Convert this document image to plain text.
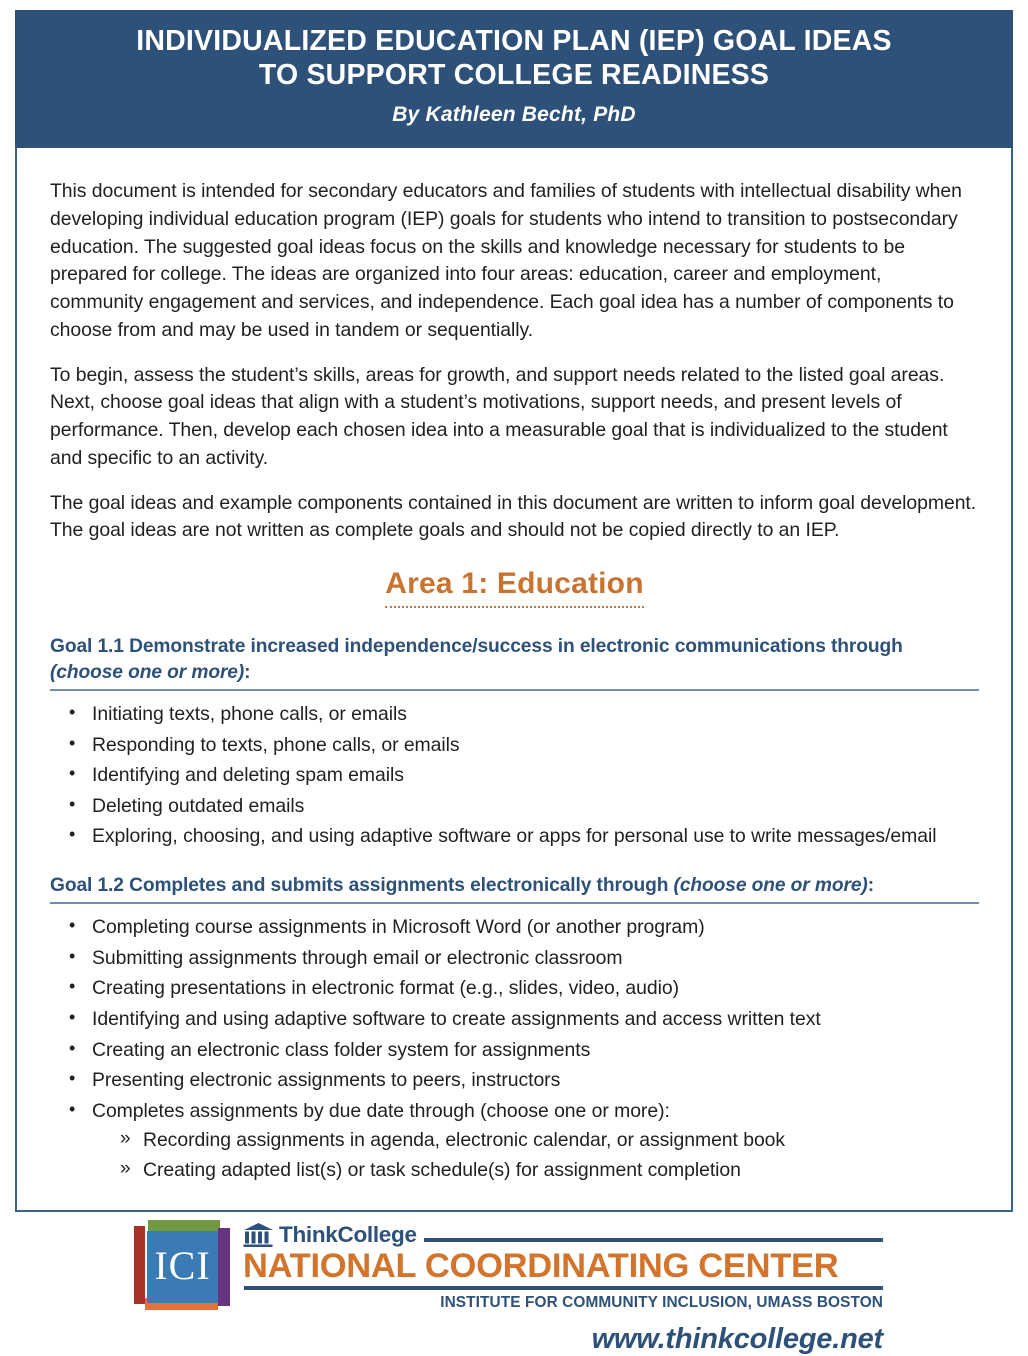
INDIVIDUALIZED EDUCATION PLAN (IEP) GOAL IDEAS
TO SUPPORT COLLEGE READINESS
By Kathleen Becht, PhD

This document is intended for secondary educators and families of students with intellectual disability when developing individual education program (IEP) goals for students who intend to transition to postsecondary education. The suggested goal ideas focus on the skills and knowledge necessary for students to be prepared for college. The ideas are organized into four areas: education, career and employment, community engagement and services, and independence. Each goal idea has a number of components to choose from and may be used in tandem or sequentially.

To begin, assess the student’s skills, areas for growth, and support needs related to the listed goal areas. Next, choose goal ideas that align with a student’s motivations, support needs, and present levels of performance. Then, develop each chosen idea into a measurable goal that is individualized to the student and specific to an activity.

The goal ideas and example components contained in this document are written to inform goal development. The goal ideas are not written as complete goals and should not be copied directly to an IEP.

Area 1: Education
Goal 1.1 Demonstrate increased independence/success in electronic communications through (choose one or more):
• Initiating texts, phone calls, or emails
• Responding to texts, phone calls, or emails
• Identifying and deleting spam emails
• Deleting outdated emails
• Exploring, choosing, and using adaptive software or apps for personal use to write messages/email
Goal 1.2 Completes and submits assignments electronically through (choose one or more):
• Completing course assignments in Microsoft Word (or another program)
• Submitting assignments through email or electronic classroom
• Creating presentations in electronic format (e.g., slides, video, audio)
• Identifying and using adaptive software to create assignments and access written text
• Creating an electronic class folder system for assignments
• Presenting electronic assignments to peers, instructors
• Completes assignments by due date through (choose one or more):
» Recording assignments in agenda, electronic calendar, or assignment book
» Creating adapted list(s) or task schedule(s) for assignment completion
ICI
ThinkCollege
NATIONAL COORDINATING CENTER
INSTITUTE FOR COMMUNITY INCLUSION, UMASS BOSTON
www.thinkcollege.net
